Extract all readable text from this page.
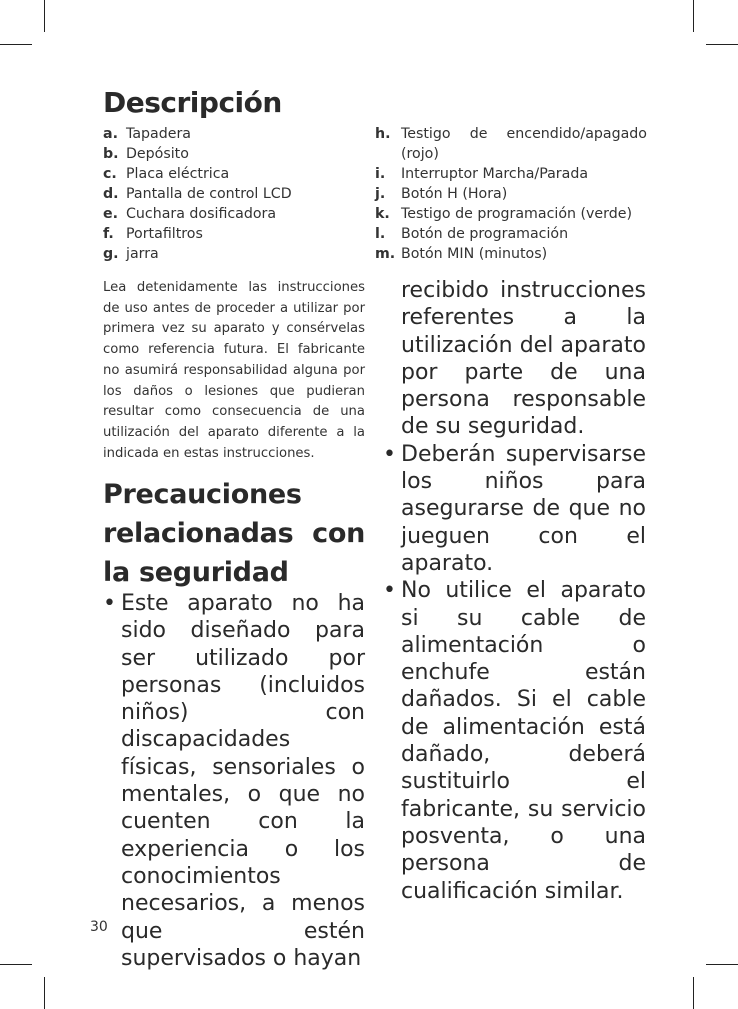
Descripción
a. Tapadera
b. Depósito
c. Placa eléctrica
d. Pantalla de control LCD
e. Cuchara dosificadora
f. Portafiltros
g. jarra
h. Testigo de encendido/apagado (rojo)
i.	Interruptor Marcha/Parada
j.	Botón H (Hora)
k. Testigo de programación (verde)
l.	Botón de programación
m. Botón MIN (minutos)

Lea detenidamente las instrucciones de uso antes de proceder a utilizar por primera vez su aparato y consérvelas como referencia futura. El fabricante no asumirá responsabilidad alguna por los daños o lesiones que pudieran resultar como consecuencia de una utilización del aparato diferente a la indicada en estas instrucciones.

Precauciones relacionadas con la seguridad
• Este aparato no ha sido diseñado para ser utilizado por personas (incluidos niños) con discapacidades físicas, sensoriales o mentales, o que no cuenten con la experiencia o los conocimientos necesarios, a menos que estén supervisados o hayan
recibido instrucciones referentes a la utilización del aparato por parte de una persona responsable de su seguridad.
• Deberán supervisarse los niños para asegurarse de que no jueguen con el aparato.
• No utilice el aparato si su cable de alimentación o enchufe están dañados. Si el cable de alimentación está dañado, deberá sustituirlo el fabricante, su servicio posventa, o una persona de cualificación similar.
30
